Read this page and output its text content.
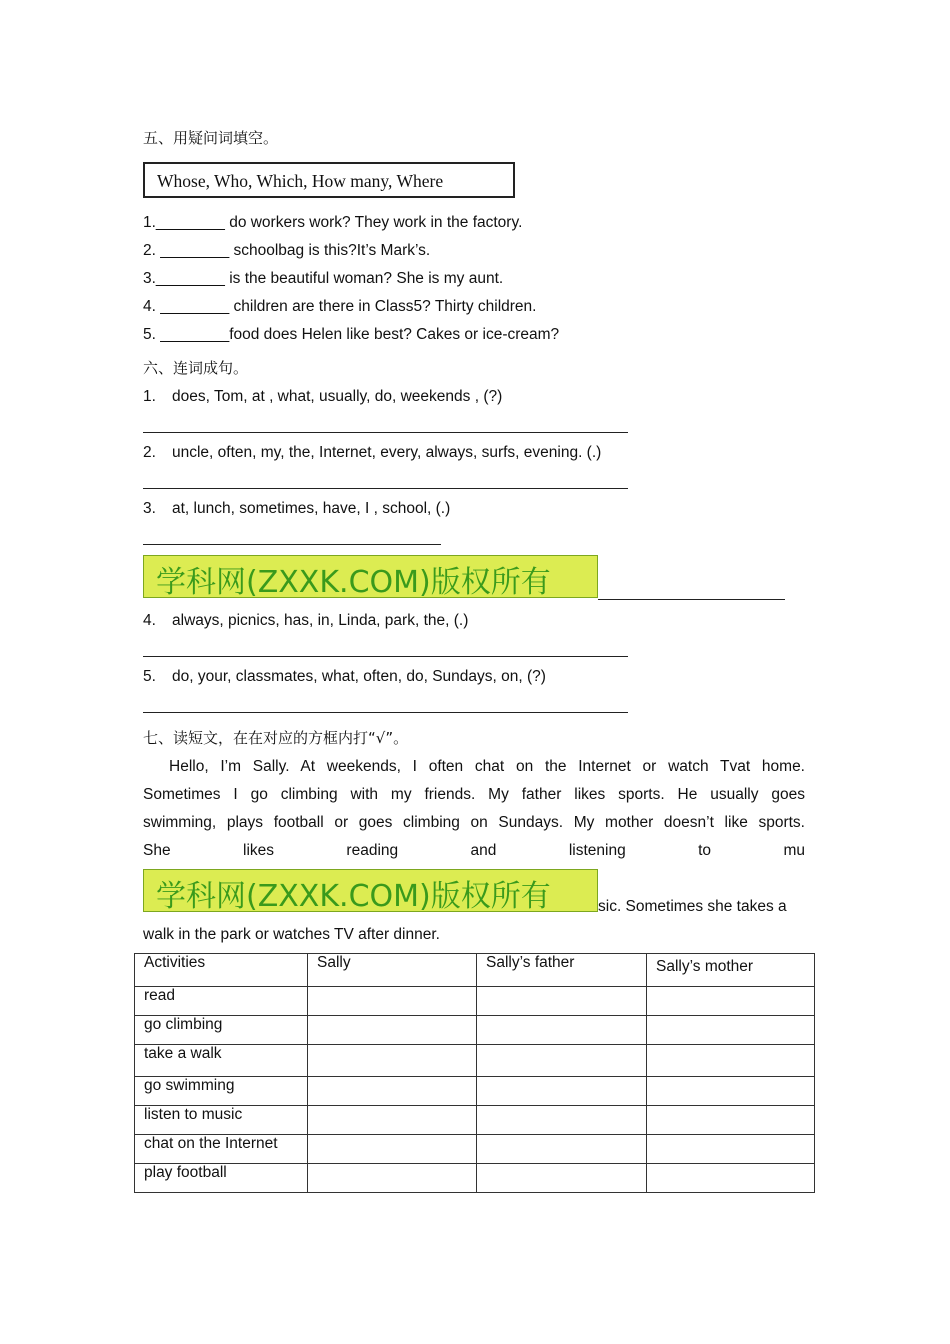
五、用疑问词填空。
Whose, Who, Which, How many, Where
1.________ do workers work? They work in the factory.
2. ________ schoolbag is this?It’s Mark’s.
3.________ is the beautiful woman? She is my aunt.
4. ________ children are there in Class5? Thirty children.
5. ________food does Helen like best? Cakes or ice-cream?
六、连词成句。
1. does, Tom, at , what, usually, do, weekends , (?)
2. uncle, often, my, the, Internet, every, always, surfs, evening. (.)
3. at, lunch, sometimes, have, I , school, (.)
学科网(ZXXK.COM)版权所有
4. always, picnics, has, in, Linda, park, the, (.)
5. do, your, classmates, what, often, do, Sundays, on, (?)
七、读短文，在在对应的方框内打“√”。
Hello, I’m Sally. At weekends, I often chat on the Internet or watch Tvat home.
Sometimes I go climbing with my friends. My father likes sports. He usually goes
swimming, plays football or goes climbing on Sundays. My mother doesn’t like sports.
She likes reading and listening to mu
学科网(ZXXK.COM)版权所有	sic. Sometimes she takes a
walk in the park or watches TV after dinner.
Activities	Sally	Sally’s father	Sally’s mother
read			
go climbing			
take a walk			
go swimming			
listen to music			
chat on the Internet			
play football			
